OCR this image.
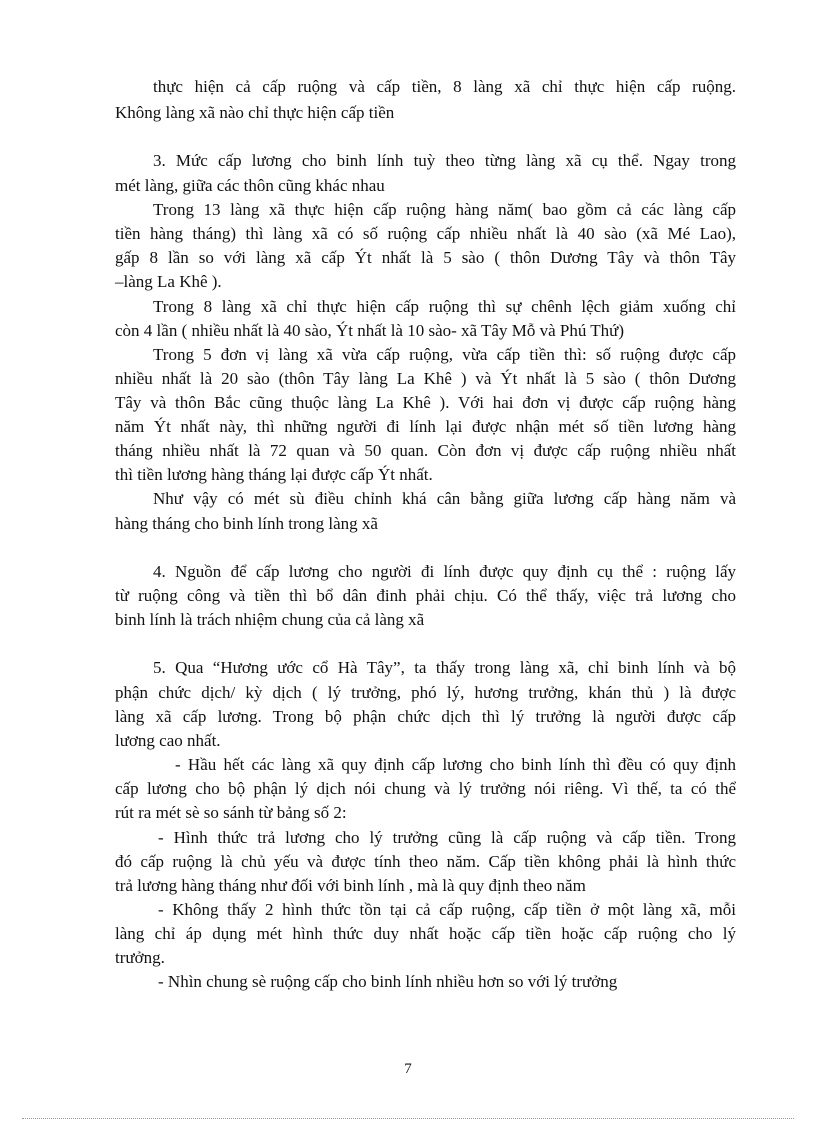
thực hiện cả cấp ruộng và cấp tiền, 8 làng xã chỉ thực hiện cấp ruộng.
Không làng xã nào chỉ thực hiện cấp tiền
3. Mức cấp lương cho binh lính tuỳ theo từng làng xã cụ thể. Ngay trong
mét làng, giữa các thôn cũng khác nhau
Trong 13 làng xã thực hiện cấp ruộng hàng năm( bao gồm cả các làng cấp
tiền hàng tháng) thì làng xã có số ruộng cấp nhiều nhất là 40 sào (xã Mé Lao),
gấp 8 lần so với làng xã cấp Ýt nhất là 5 sào ( thôn Dương Tây và thôn Tây
–làng La Khê ).
Trong 8 làng xã chỉ thực hiện cấp ruộng thì sự chênh lệch giảm xuống chỉ
còn 4 lần ( nhiều nhất là 40 sào, Ýt nhất là 10 sào- xã Tây Mỗ và Phú Thứ)
Trong 5 đơn vị làng xã vừa cấp ruộng, vừa cấp tiền thì: số ruộng được cấp
nhiều nhất là 20 sào (thôn Tây làng La Khê ) và Ýt nhất là 5 sào ( thôn Dương
Tây và thôn Bắc cũng thuộc làng La Khê ). Với hai đơn vị được cấp ruộng hàng
năm Ýt nhất này, thì những người đi lính lại được nhận mét số tiền lương hàng
tháng nhiều nhất là 72 quan và 50 quan. Còn đơn vị được cấp ruộng nhiều nhất
thì tiền lương hàng tháng lại được cấp Ýt nhất.
Như vậy có mét sù điều chỉnh khá cân bằng giữa lương cấp hàng năm và
hàng tháng cho binh lính trong làng xã
4. Nguồn để cấp lương cho người đi lính được quy định cụ thể : ruộng lấy
từ ruộng công và tiền thì bổ dân đinh phải chịu. Có thể thấy, việc trả lương cho
binh lính là trách nhiệm chung của cả làng xã
5. Qua “Hương ước cổ Hà Tây”, ta thấy trong làng xã, chỉ binh lính và bộ
phận chức dịch/ kỳ dịch ( lý trưởng, phó lý, hương trưởng, khán thủ ) là được
làng xã cấp lương. Trong bộ phận chức dịch thì lý trưởng là người được cấp
lương cao nhất.
- Hầu hết các làng xã quy định cấp lương cho binh lính thì đều có quy định
cấp lương cho bộ phận lý dịch nói chung và lý trưởng nói riêng. Vì thế, ta có thể
rút ra mét sè so sánh từ bảng số 2:
- Hình thức trả lương cho lý trưởng cũng là cấp ruộng và cấp tiền. Trong
đó cấp ruộng là chủ yếu và được tính theo năm. Cấp tiền không phải là hình thức
trả lương hàng tháng như đối với binh lính , mà là quy định theo năm
- Không thấy 2 hình thức tồn tại cả cấp ruộng, cấp tiền ở một làng xã, mỗi
làng chỉ áp dụng mét hình thức duy nhất hoặc cấp tiền hoặc cấp ruộng cho lý
trưởng.
- Nhìn chung sè ruộng cấp cho binh lính nhiều hơn so với lý trưởng
7
